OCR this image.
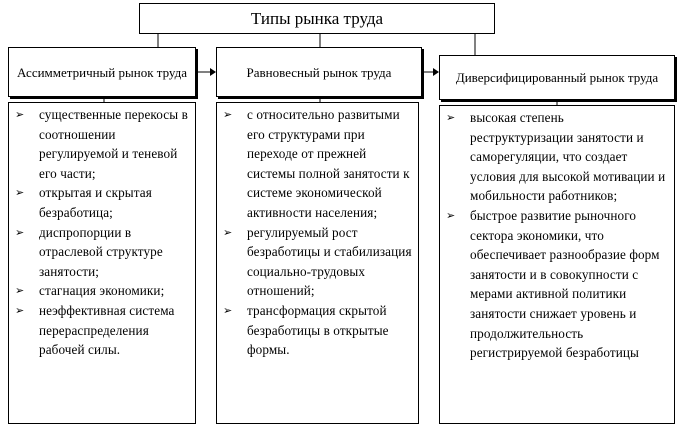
Типы рынка труда
Ассимметричный рынок труда
➢	существенные перекосы в соотношении регулируемой и теневой его части;
➢	открытая и скрытая безработица;
➢	диспропорции в отраслевой структуре занятости;
➢	стагнация экономики;
➢	неэффективная система перераспределения рабочей силы.
Равновесный рынок труда
➢	с относительно развитыми его структурами при переходе от прежней системы полной занятости к системе экономической активности населения;
➢	регулируемый рост безработицы и стабилизация социально-трудовых отношений;
➢	трансформация скрытой безработицы в открытые формы.
Диверсифицированный рынок труда
➢	высокая степень реструктуризации занятости и саморегуляции, что создает условия для высокой мотивации и мобильности работников;
➢	быстрое развитие рыночного сектора экономики, что обеспечивает разнообразие форм занятости и в совокупности с мерами активной политики занятости снижает уровень и продолжительность регистрируемой безработицы
